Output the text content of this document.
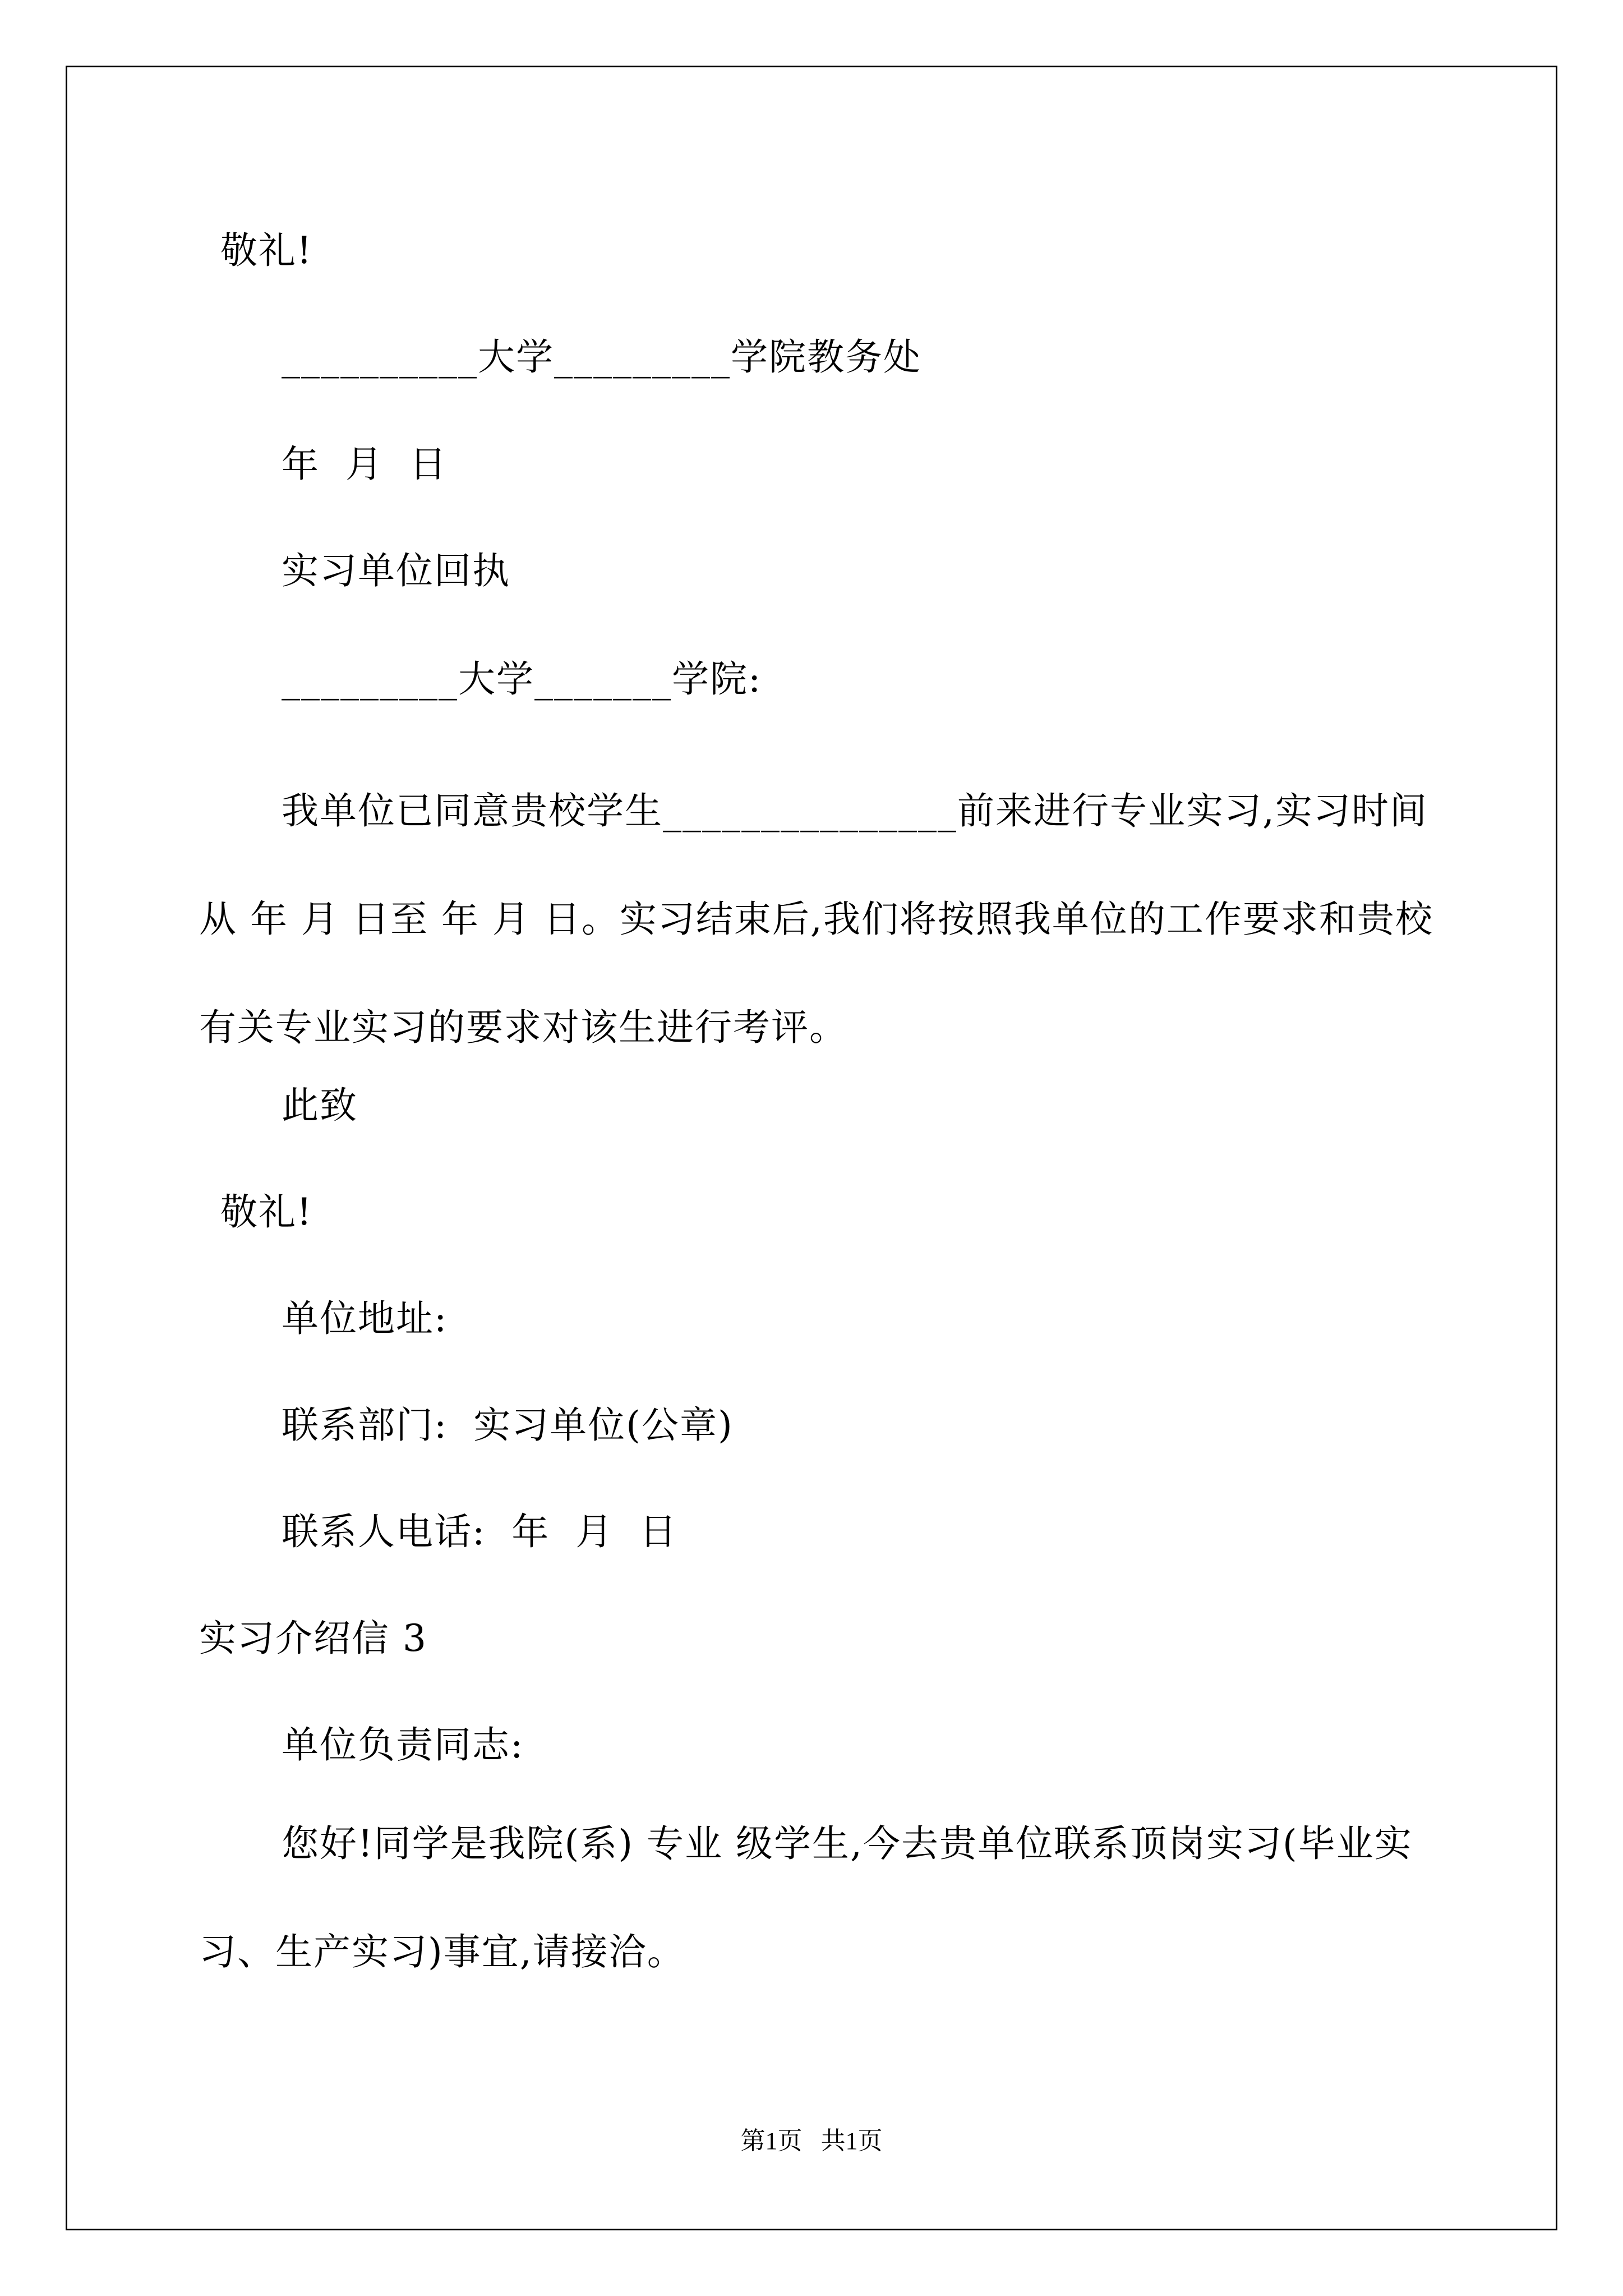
敬礼!
__________大学_________学院教务处
年  月  日
实习单位回执
_________大学_______学院:

我单位已同意贵校学生_______________前来进行专业实习,实习时间从 年 月 日至 年 月 日。实习结束后,我们将按照我单位的工作要求和贵校有关专业实习的要求对该生进行考评。

此致
敬礼!
单位地址:
联系部门:  实习单位(公章)
联系人电话:  年  月  日
实习介绍信 3
单位负责同志:

您好!同学是我院(系) 专业 级学生,今去贵单位联系顶岗实习(毕业实习、生产实习)事宜,请接洽。

第1页   共1页
